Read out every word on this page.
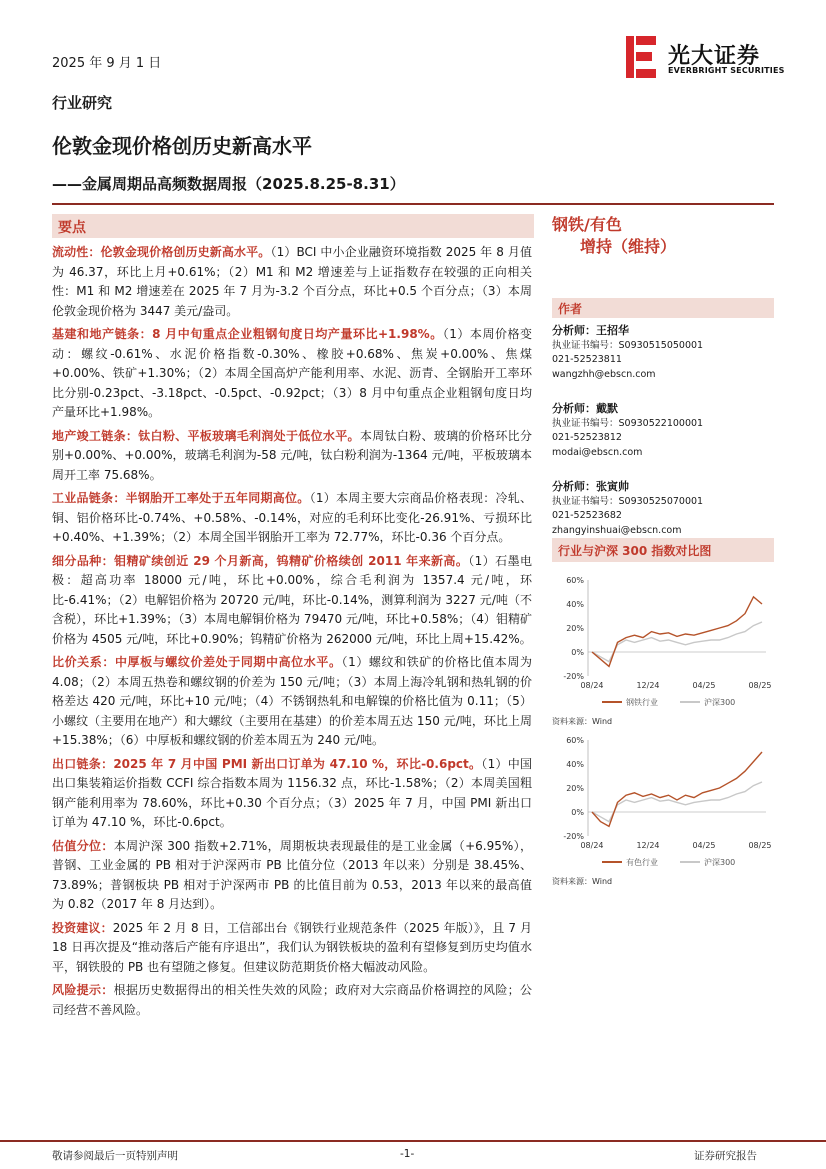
2025 年 9 月 1 日	光大证券
EVERBRIGHT SECURITIES
行业研究
伦敦金现价格创历史新高水平
——金属周期品高频数据周报（2025.8.25-8.31）
要点

流动性：伦敦金现价格创历史新高水平。（1）BCI 中小企业融资环境指数 2025 年 8 月值为 46.37，环比上月+0.61%；（2）M1 和 M2 增速差与上证指数存在较强的正向相关性：M1 和 M2 增速差在 2025 年 7 月为-3.2 个百分点，环比+0.5 个百分点；（3）本周伦敦金现价格为 3447 美元/盎司。

基建和地产链条：8 月中旬重点企业粗钢旬度日均产量环比+1.98%。（1）本周价格变动：螺纹-0.61%、水泥价格指数-0.30%、橡胶+0.68%、焦炭+0.00%、焦煤+0.00%、铁矿+1.30%；（2）本周全国高炉产能利用率、水泥、沥青、全钢胎开工率环比分别-0.23pct、-3.18pct、-0.5pct、-0.92pct；（3）8 月中旬重点企业粗钢旬度日均产量环比+1.98%。

地产竣工链条：钛白粉、平板玻璃毛利润处于低位水平。本周钛白粉、玻璃的价格环比分别+0.00%、+0.00%，玻璃毛利润为-58 元/吨，钛白粉利润为-1364 元/吨，平板玻璃本周开工率 75.68%。

工业品链条：半钢胎开工率处于五年同期高位。（1）本周主要大宗商品价格表现：冷轧、铜、铝价格环比-0.74%、+0.58%、-0.14%，对应的毛利环比变化-26.91%、亏损环比+0.40%、+1.39%；（2）本周全国半钢胎开工率为 72.77%，环比-0.36 个百分点。

细分品种：钼精矿续创近 29 个月新高，钨精矿价格续创 2011 年来新高。（1）石墨电极：超高功率 18000 元/吨，环比+0.00%，综合毛利润为 1357.4 元/吨，环比-6.41%；（2）电解铝价格为 20720 元/吨，环比-0.14%，测算利润为 3227 元/吨（不含税），环比+1.39%；（3）本周电解铜价格为 79470 元/吨，环比+0.58%；（4）钼精矿价格为 4505 元/吨，环比+0.90%；钨精矿价格为 262000 元/吨，环比上周+15.42%。

比价关系：中厚板与螺纹价差处于同期中高位水平。（1）螺纹和铁矿的价格比值本周为 4.08；（2）本周五热卷和螺纹钢的价差为 150 元/吨；（3）本周上海冷轧钢和热轧钢的价格差达 420 元/吨，环比+10 元/吨；（4）不锈钢热轧和电解镍的价格比值为 0.11；（5）小螺纹（主要用在地产）和大螺纹（主要用在基建）的价差本周五达 150 元/吨，环比上周+15.38%；（6）中厚板和螺纹钢的价差本周五为 240 元/吨。

出口链条：2025 年 7 月中国 PMI 新出口订单为 47.10 %，环比-0.6pct。（1）中国出口集装箱运价指数 CCFI 综合指数本周为 1156.32 点，环比-1.58%；（2）本周美国粗钢产能利用率为 78.60%，环比+0.30 个百分点；（3）2025 年 7 月，中国 PMI 新出口订单为 47.10 %，环比-0.6pct。

估值分位：本周沪深 300 指数+2.71%，周期板块表现最佳的是工业金属（+6.95%），普钢、工业金属的 PB 相对于沪深两市 PB 比值分位（2013 年以来）分别是 38.45%、73.89%；普钢板块 PB 相对于沪深两市 PB 的比值目前为 0.53，2013 年以来的最高值为 0.82（2017 年 8 月达到）。

投资建议：2025 年 2 月 8 日，工信部出台《钢铁行业规范条件（2025 年版）》，且 7 月 18 日再次提及“推动落后产能有序退出”，我们认为钢铁板块的盈利有望修复到历史均值水平，钢铁股的 PB 也有望随之修复。但建议防范期货价格大幅波动风险。

风险提示：根据历史数据得出的相关性失效的风险；政府对大宗商品价格调控的风险；公司经营不善风险。

钢铁/有色
增持（维持）
作者
分析师：王招华
执业证书编号：S0930515050001
021-52523811
wangzhh@ebscn.com
分析师：戴默
执业证书编号：S0930522100001
021-52523812
modai@ebscn.com
分析师：张寅帅
执业证书编号：S0930525070001
021-52523682
zhangyinshuai@ebscn.com
行业与沪深 300 指数对比图
60%
40%
20%
0%
-20%
08/24	12/24	04/25	08/25
钢铁行业	沪深300
资料来源：Wind
60%
40%
20%
0%
-20%
08/24	12/24	04/25	08/25
有色行业	沪深300
资料来源：Wind
敬请参阅最后一页特别声明	-1-	证券研究报告
